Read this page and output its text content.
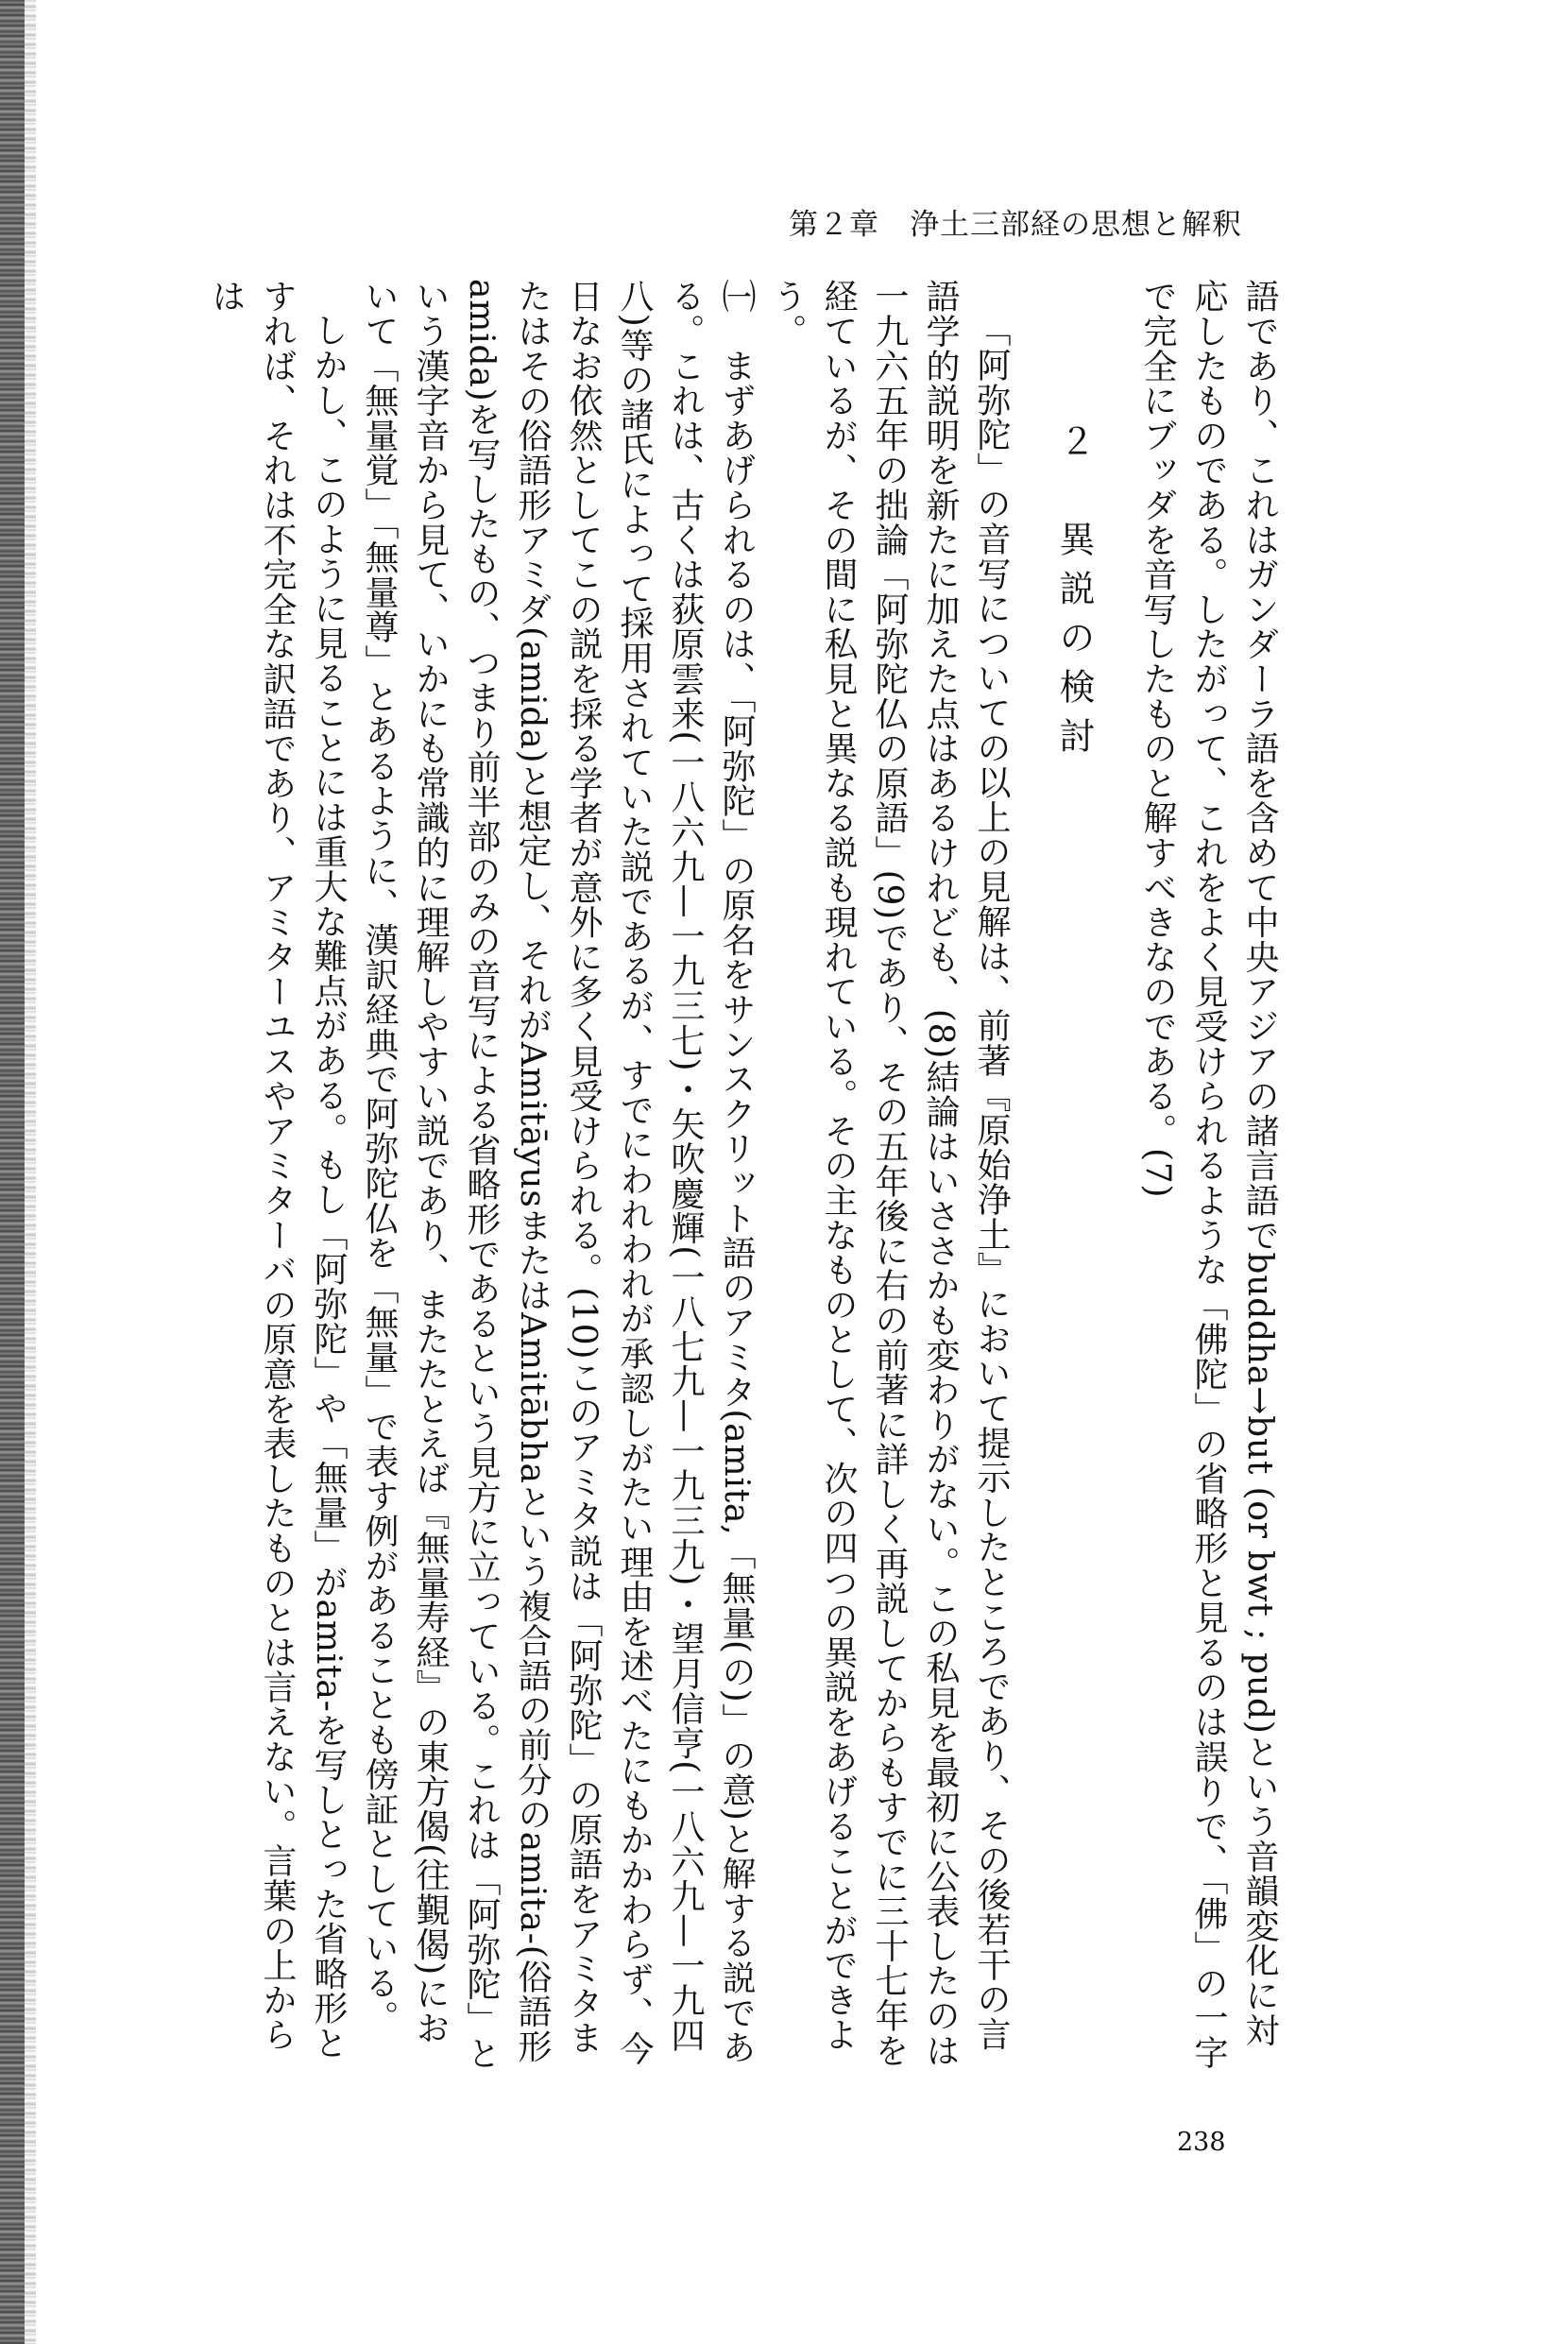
第２章　浄土三部経の思想と解釈

語であり、これはガンダーラ語を含めて中央アジアの諸言語でbuddha→but (or bwt ; pud)という音韻変化に対応したものである。したがって、これをよく見受けられるような「佛陀」の省略形と見るのは誤りで、「佛」の一字で完全にブッダを音写したものと解すべきなのである。(7)

２　異説の検討

「阿弥陀」の音写についての以上の見解は、前著『原始浄土』において提示したところであり、その後若干の言語学的説明を新たに加えた点はあるけれども、(8)結論はいささかも変わりがない。この私見を最初に公表したのは一九六五年の拙論「阿弥陀仏の原語」(9)であり、その五年後に右の前著に詳しく再説してからもすでに三十七年を経ているが、その間に私見と異なる説も現れている。その主なものとして、次の四つの異説をあげることができよう。

㈠　まずあげられるのは、「阿弥陀」の原名をサンスクリット語のアミタ(amita,「無量(の)」の意)と解する説である。これは、古くは荻原雲来(一八六九—一九三七)・矢吹慶輝(一八七九—一九三九)・望月信亨(一八六九—一九四八)等の諸氏によって採用されていた説であるが、すでにわれわれが承認しがたい理由を述べたにもかかわらず、今日なお依然としてこの説を採る学者が意外に多く見受けられる。(10)このアミタ説は「阿弥陀」の原語をアミタまたはその俗語形アミダ(amida)と想定し、それがAmitāyusまたはAmitābhaという複合語の前分のamita-(俗語形amida)を写したもの、つまり前半部のみの音写による省略形であるという見方に立っている。これは「阿弥陀」という漢字音から見て、いかにも常識的に理解しやすい説であり、またたとえば『無量寿経』の東方偈(往覲偈)において「無量覚」「無量尊」とあるように、漢訳経典で阿弥陀仏を「無量」で表す例があることも傍証としている。

しかし、このように見ることには重大な難点がある。もし「阿弥陀」や「無量」がamita-を写しとった省略形とすれば、それは不完全な訳語であり、アミターユスやアミターバの原意を表したものとは言えない。言葉の上からは

238
